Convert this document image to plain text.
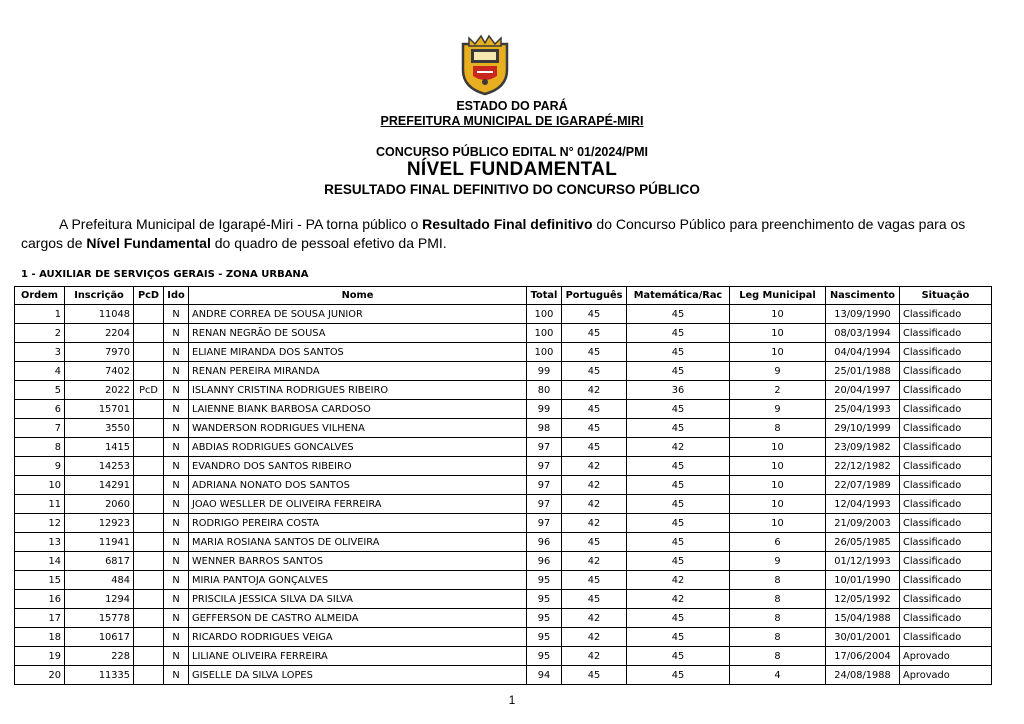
ESTADO DO PARÁ
PREFEITURA MUNICIPAL DE IGARAPÉ-MIRI
CONCURSO PÚBLICO EDITAL N° 01/2024/PMI
NÍVEL FUNDAMENTAL
RESULTADO FINAL DEFINITIVO DO CONCURSO PÚBLICO
A Prefeitura Municipal de Igarapé-Miri - PA torna público o Resultado Final definitivo do Concurso Público para preenchimento de vagas para os cargos de Nível Fundamental do quadro de pessoal efetivo da PMI.
1 - AUXILIAR DE SERVIÇOS GERAIS - ZONA URBANA
Ordem	Inscrição	PcD	Ido	Nome	Total	Português	Matemática/Rac	Leg Municipal	Nascimento	Situação
1	11048		N	ANDRE CORREA DE SOUSA JUNIOR	100	45	45	10	13/09/1990	Classificado
2	2204		N	RENAN NEGRÃO DE SOUSA	100	45	45	10	08/03/1994	Classificado
3	7970		N	ELIANE MIRANDA DOS SANTOS	100	45	45	10	04/04/1994	Classificado
4	7402		N	RENAN PEREIRA MIRANDA	99	45	45	9	25/01/1988	Classificado
5	2022	PcD	N	ISLANNY CRISTINA RODRIGUES RIBEIRO	80	42	36	2	20/04/1997	Classificado
6	15701		N	LAIENNE BIANK BARBOSA CARDOSO	99	45	45	9	25/04/1993	Classificado
7	3550		N	WANDERSON RODRIGUES VILHENA	98	45	45	8	29/10/1999	Classificado
8	1415		N	ABDIAS RODRIGUES GONCALVES	97	45	42	10	23/09/1982	Classificado
9	14253		N	EVANDRO DOS SANTOS RIBEIRO	97	42	45	10	22/12/1982	Classificado
10	14291		N	ADRIANA NONATO DOS SANTOS	97	42	45	10	22/07/1989	Classificado
11	2060		N	JOAO WESLLER DE OLIVEIRA FERREIRA	97	42	45	10	12/04/1993	Classificado
12	12923		N	RODRIGO PEREIRA COSTA	97	42	45	10	21/09/2003	Classificado
13	11941		N	MARIA ROSIANA SANTOS DE OLIVEIRA	96	45	45	6	26/05/1985	Classificado
14	6817		N	WENNER BARROS SANTOS	96	42	45	9	01/12/1993	Classificado
15	484		N	MIRIA PANTOJA GONÇALVES	95	45	42	8	10/01/1990	Classificado
16	1294		N	PRISCILA JESSICA SILVA DA SILVA	95	45	42	8	12/05/1992	Classificado
17	15778		N	GEFFERSON DE CASTRO ALMEIDA	95	42	45	8	15/04/1988	Classificado
18	10617		N	RICARDO RODRIGUES VEIGA	95	42	45	8	30/01/2001	Classificado
19	228		N	LILIANE OLIVEIRA FERREIRA	95	42	45	8	17/06/2004	Aprovado
20	11335		N	GISELLE DA SILVA LOPES	94	45	45	4	24/08/1988	Aprovado
1
